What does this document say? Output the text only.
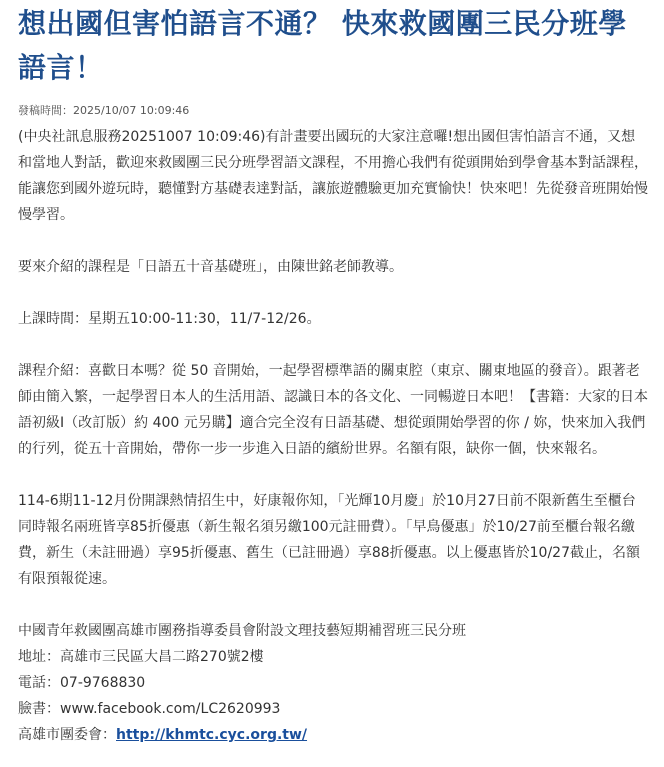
想出國但害怕語言不通？ 快來救國團三民分班學語言！
發稿時間：2025/10/07 10:09:46

(中央社訊息服務20251007 10:09:46)有計畫要出國玩的大家注意囉!想出國但害怕語言不通，又想和當地人對話，歡迎來救國團三民分班學習語文課程，不用擔心我們有從頭開始到學會基本對話課程，能讓您到國外遊玩時，聽懂對方基礎表達對話，讓旅遊體驗更加充實愉快！快來吧！先從發音班開始慢慢學習。

要來介紹的課程是「日語五十音基礎班」，由陳世銘老師教導。

上課時間：星期五10:00-11:30，11/7-12/26。

課程介紹：喜歡日本嗎？從 50 音開始，一起學習標準語的關東腔（東京、關東地區的發音）。跟著老師由簡入繁，一起學習日本人的生活用語、認識日本的各文化、一同暢遊日本吧！【書籍：大家的日本語初級Ⅰ（改訂版）約 400 元另購】適合完全沒有日語基礎、想從頭開始學習的你 / 妳，快來加入我們的行列，從五十音開始，帶你一步一步進入日語的繽紛世界。名額有限，缺你一個，快來報名。

114-6期11-12月份開課熱情招生中，好康報你知，「光輝10月慶」於10月27日前不限新舊生至櫃台同時報名兩班皆享85折優惠（新生報名須另繳100元註冊費）。「早鳥優惠」於10/27前至櫃台報名繳費，新生（未註冊過）享95折優惠、舊生（已註冊過）享88折優惠。以上優惠皆於10/27截止，名額有限預報從速。

中國青年救國團高雄市團務指導委員會附設文理技藝短期補習班三民分班
地址：高雄市三民區大昌二路270號2樓
電話：07-9768830
臉書：www.facebook.com/LC2620993
高雄市團委會：http://khmtc.cyc.org.tw/
